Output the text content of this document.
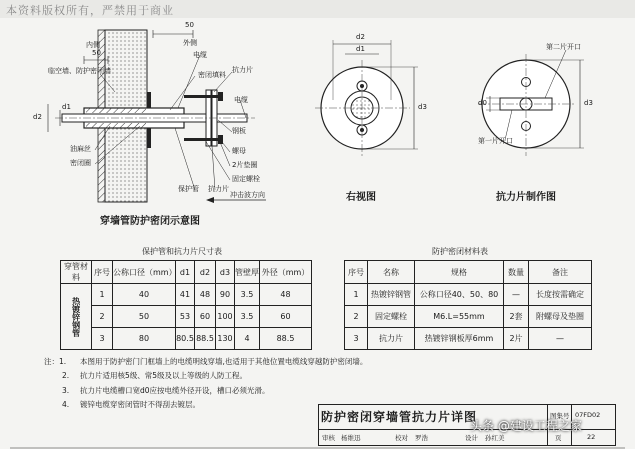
本资料版权所有，严禁用于商业
50
50
内侧	外侧
临空墙、防护密闭墙
电缆
密闭填料
抗力片
电缆
d2
d1
钢板
油麻丝
密闭圈
螺母
2片垫圈
固定螺栓
保护管 抗力片
冲击波方向
穿墙管防护密闭示意图
d2
d1
d3
右视图
第二片开口
d0	d3
第一片开口
抗力片制作图
保护管和抗力片尺寸表
穿管材料	序号	公称口径（mm）	d1	d2	d3	管壁厚	外径（mm）
热镀锌钢管	1	40	41	48	90	3.5	48
	2	50	53	60	100	3.5	60
	3	80	80.5	88.5	130	4	88.5
防护密闭材料表
序号	名称	规格	数量	备注
1	热镀锌钢管	公称口径40、50、80	—	长度按需确定
2	固定螺栓	M6.L=55mm	2套	附螺母及垫圈
3	抗力片	热镀锌钢板厚6mm	2片	—
注：1. 本图用于防护密门门框墙上的电缆明线穿墙,也适用于其他位置电缆线穿越防护密闭墙。
2. 抗力片适用核5级、常5级及以上等级的人防工程。
3. 抗力片电缆槽口宽d0应按电缆外径开设，槽口必须光滑。
4. 镀锌电缆穿密闭管时不得刮去镀层。
防护密闭穿墙管抗力片详图	图集号 07FD02
页	22
审核 杨维迅	校对 罗浩	设计 孙红美
头条 @建设工程之家
